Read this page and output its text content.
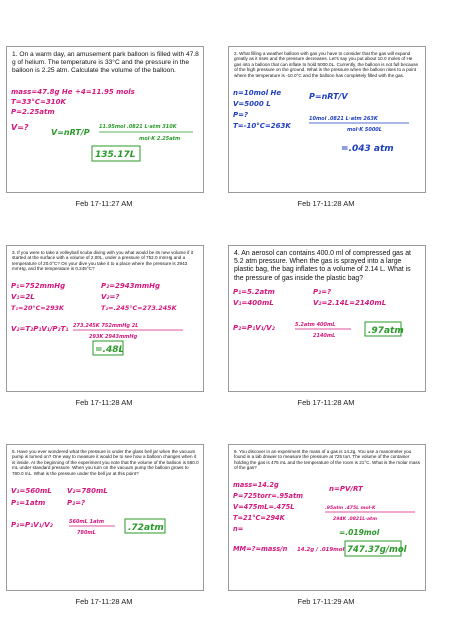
1. On a warm day, an amusement park balloon is filled with 47.8 g of helium. The temperature is 33°C and the pressure in the balloon is 2.25 atm. Calculate the volume of the balloon.
mass=47.8g He ÷4=11.95 mols
T=33°C=310K
P=2.25atm
V=?
V=nRT/P
11.95mol .0821 L·atm 310K
mol·K 2.25atm
135.17L
Feb 17-11:27 AM
2. What filling a weather balloon with gas you have to consider that the gas will expand greatly as it rises and the pressure decreases. Let's say you put about 10.0 moles of He gas into a balloon that can inflate to hold 5000.0L. Currently, the balloon is not full because of the high pressure on the ground. What is the pressure when the balloon rises to a point where the temperature is -10.0°C and the balloon has completely filled with the gas.
n=10mol He
V=5000 L
P=?
T=-10°C=263K
P=nRT/V
10mol .0821 L·atm 263K
mol·K 5000L
=.043 atm
Feb 17-11:28 AM
3. If you were to take a volleyball scuba diving with you what would be its new volume if it started at the surface with a volume of 2.00L, under a pressure of 752.0 mmHg and a temperature of 20.0°C? On your dive you take it to a place where the pressure is 2943 mmHg, and the temperature is 0.245°C?
P₁=752mmHg	P₂=2943mmHg
V₁=2L	V₂=?
T₁=20°C=293K	T₂=.245°C=273.245K
V₂=T₂P₁V₁/P₂T₁ 273.245K 752mmHg 2L
293K 2943mmHg
=.48L
Feb 17-11:28 AM
4. An aerosol can contains 400.0 ml of compressed gas at 5.2 atm pressure. When the gas is sprayed into a large plastic bag, the bag inflates to a volume of 2.14 L. What is the pressure of gas inside the plastic bag?
P₁=5.2atm	P₂=?
V₁=400mL	V₂=2.14L=2140mL
P₂=P₁V₁/V₂	5.2atm 400mL
2140mL	.97atm
Feb 17-11:28 AM
5. Have you ever wondered what the pressure is under the glass bell jar when the vacuum pump is turned on? One way to measure it would be to see how a balloon changes when it is inside. At the beginning of the experiment you note that the volume of the balloon is 560.0 mL under standard pressure. When you turn on the vacuum pump the balloon grows to 780.0 mL. What is the pressure under the bell jar at this point?
V₁=560mL V₂=780mL
P₁=1atm	P₂=?
P₂=P₁V₁/V₂	560mL 1atm
780mL	.72atm
Feb 17-11:28 AM
6. You discover in an experiment the mass of a gas is 14.2g. You use a manometer you found in a lab drawer to measure the pressure at 725 torr. The volume of the container holding the gas is 475 mL and the temperature of the room is 21°C. What is the molar mass of the gas?
mass=14.2g
P=725torr=.95atm
V=475mL=.475L
T=21°C=294K
n=
n=PV/RT
.95atm .475L mol·K
294K .0821L·atm
=.019mol
MM=?=mass/n 14.2g / .019mol 747.37g/mol
Feb 17-11:29 AM
